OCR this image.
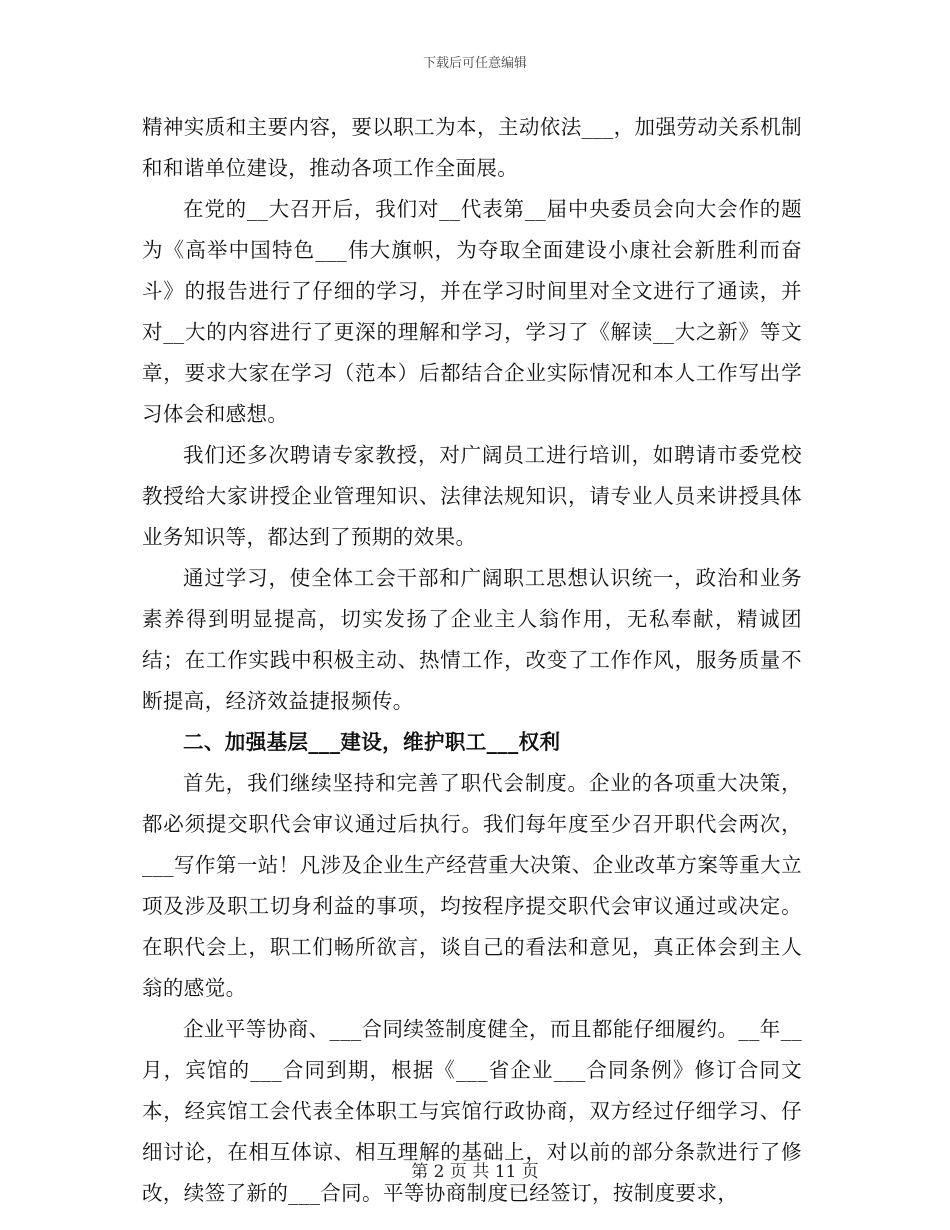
下载后可任意编辑

精神实质和主要内容，要以职工为本，主动依法___，加强劳动关系机制和和谐单位建设，推动各项工作全面展。

在党的__大召开后，我们对__代表第__届中央委员会向大会作的题为《高举中国特色___伟大旗帜，为夺取全面建设小康社会新胜利而奋斗》的报告进行了仔细的学习，并在学习时间里对全文进行了通读，并对__大的内容进行了更深的理解和学习，学习了《解读__大之新》等文章，要求大家在学习（范本）后都结合企业实际情况和本人工作写出学习体会和感想。

我们还多次聘请专家教授，对广阔员工进行培训，如聘请市委党校教授给大家讲授企业管理知识、法律法规知识，请专业人员来讲授具体业务知识等，都达到了预期的效果。

通过学习，使全体工会干部和广阔职工思想认识统一，政治和业务素养得到明显提高，切实发扬了企业主人翁作用，无私奉献，精诚团结；在工作实践中积极主动、热情工作，改变了工作作风，服务质量不断提高，经济效益捷报频传。

二、加强基层___建设，维护职工___权利

首先，我们继续坚持和完善了职代会制度。企业的各项重大决策，都必须提交职代会审议通过后执行。我们每年度至少召开职代会两次，___写作第一站！凡涉及企业生产经营重大决策、企业改革方案等重大立项及涉及职工切身利益的事项，均按程序提交职代会审议通过或决定。在职代会上，职工们畅所欲言，谈自己的看法和意见，真正体会到主人翁的感觉。

企业平等协商、___合同续签制度健全，而且都能仔细履约。__年__月，宾馆的___合同到期，根据《___省企业___合同条例》修订合同文本，经宾馆工会代表全体职工与宾馆行政协商，双方经过仔细学习、仔细讨论，在相互体谅、相互理解的基础上，对以前的部分条款进行了修改，续签了新的___合同。平等协商制度已经签订，按制度要求，

第 2 页 共 11 页
